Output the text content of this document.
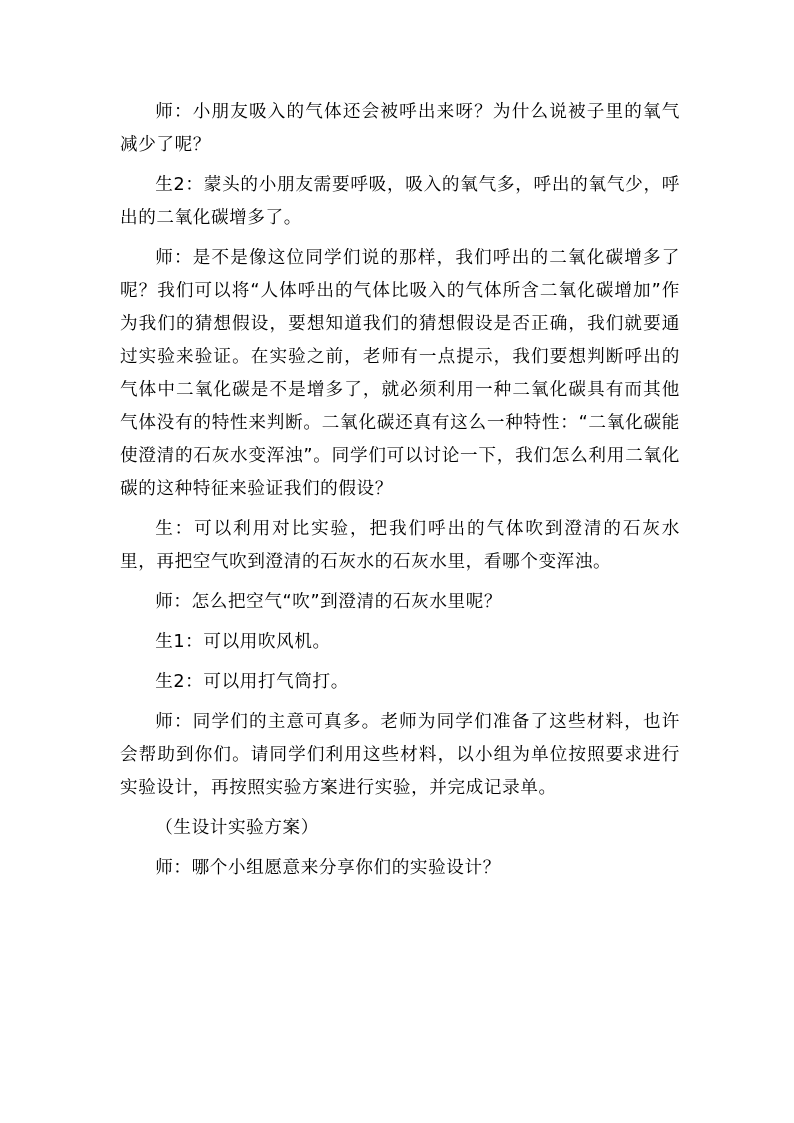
师：小朋友吸入的气体还会被呼出来呀？为什么说被子里的氧气减少了呢？

生2：蒙头的小朋友需要呼吸，吸入的氧气多，呼出的氧气少，呼出的二氧化碳增多了。

师：是不是像这位同学们说的那样，我们呼出的二氧化碳增多了呢？我们可以将“人体呼出的气体比吸入的气体所含二氧化碳增加”作为我们的猜想假设，要想知道我们的猜想假设是否正确，我们就要通过实验来验证。在实验之前，老师有一点提示，我们要想判断呼出的气体中二氧化碳是不是增多了，就必须利用一种二氧化碳具有而其他气体没有的特性来判断。二氧化碳还真有这么一种特性：“二氧化碳能使澄清的石灰水变浑浊”。同学们可以讨论一下，我们怎么利用二氧化碳的这种特征来验证我们的假设？

生：可以利用对比实验，把我们呼出的气体吹到澄清的石灰水里，再把空气吹到澄清的石灰水的石灰水里，看哪个变浑浊。

师：怎么把空气“吹”到澄清的石灰水里呢？

生1：可以用吹风机。

生2：可以用打气筒打。

师：同学们的主意可真多。老师为同学们准备了这些材料，也许会帮助到你们。请同学们利用这些材料，以小组为单位按照要求进行实验设计，再按照实验方案进行实验，并完成记录单。

（生设计实验方案）

师：哪个小组愿意来分享你们的实验设计？
